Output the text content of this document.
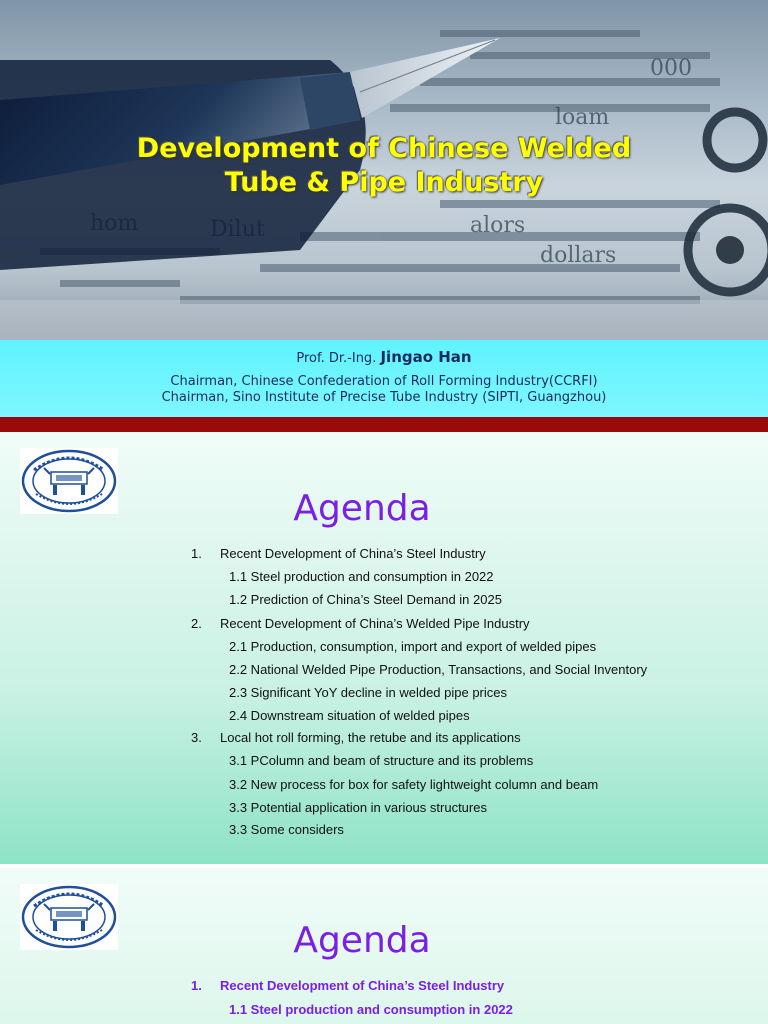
000
loam
alors
dollars
Development of Chinese Welded
Tube & Pipe Industry
Prof. Dr.-Ing. Jingao Han
Chairman, Chinese Confederation of Roll Forming Industry(CCRFI)
Chairman, Sino Institute of Precise Tube Industry (SIPTI, Guangzhou)
Agenda
1. Recent Development of China’s Steel Industry
1.1 Steel production and consumption in 2022
1.2 Prediction of China’s Steel Demand in 2025
2. Recent Development of China’s Welded Pipe Industry
2.1 Production, consumption, import and export of welded pipes
2.2 National Welded Pipe Production, Transactions, and Social Inventory
2.3 Significant YoY decline in welded pipe prices
2.4 Downstream situation of welded pipes
3. Local hot roll forming, the retube and its applications
3.1 PColumn and beam of structure and its problems
3.2 New process for box for safety lightweight column and beam
3.3 Potential application in various structures
3.3 Some considers
Agenda
1. Recent Development of China’s Steel Industry
1.1 Steel production and consumption in 2022
